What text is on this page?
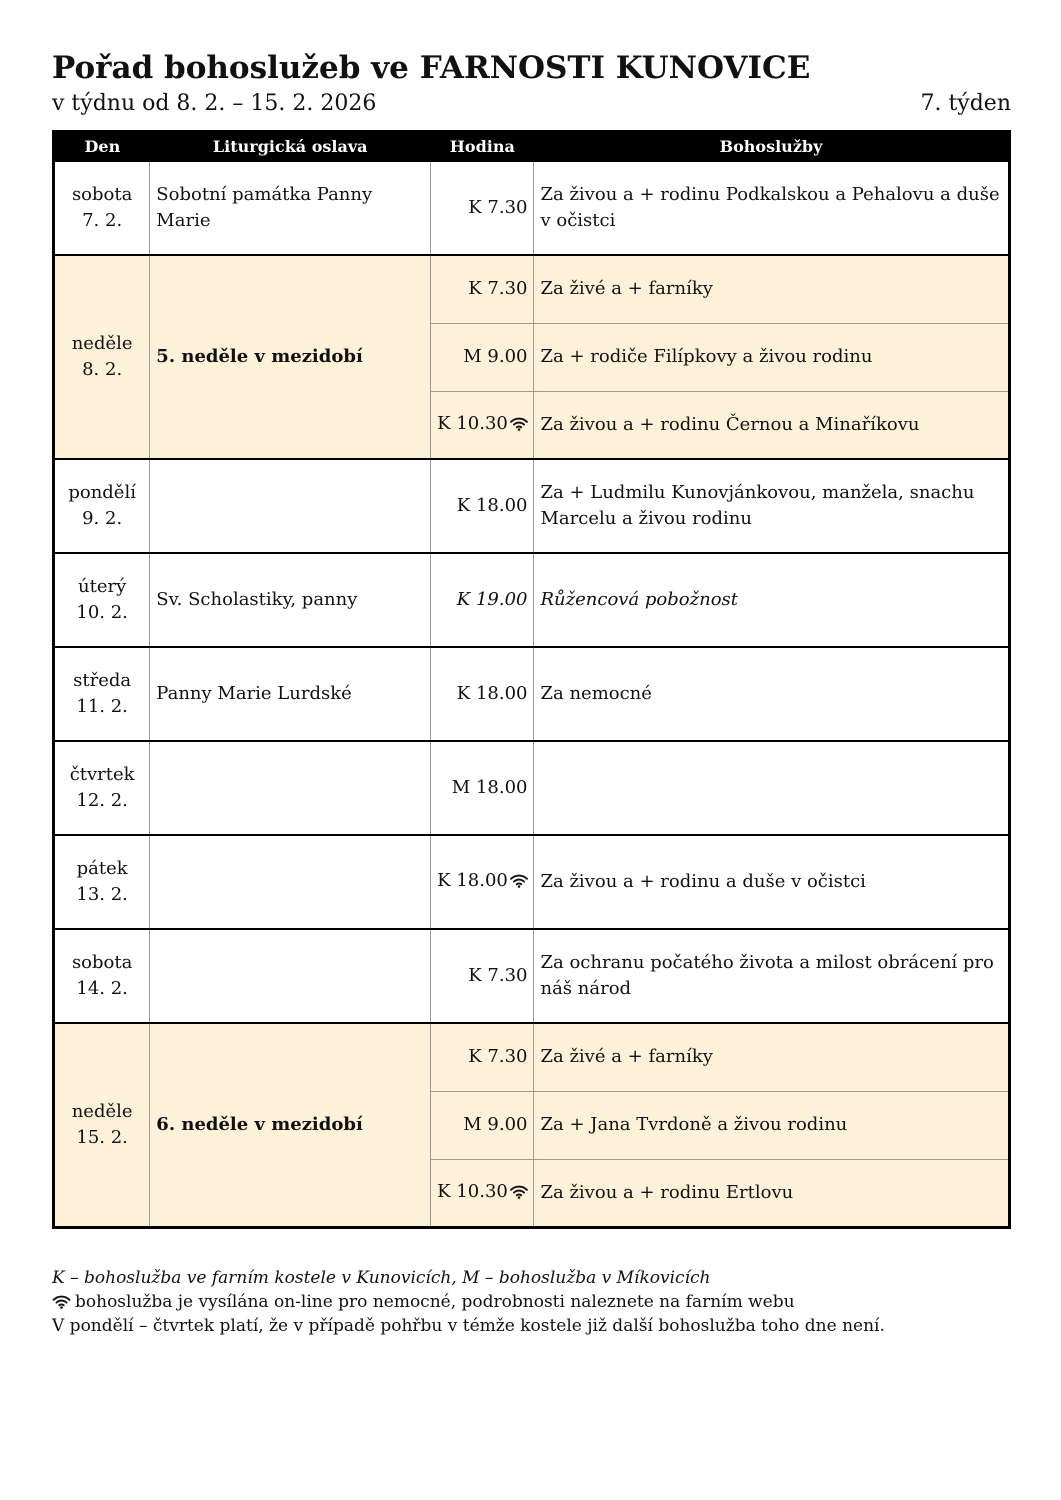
Pořad bohoslužeb ve FARNOSTI KUNOVICE
v týdnu od 8. 2. – 15. 2. 2026	7. týden
Den	Liturgická oslava	Hodina	Bohoslužby

sobota
7. 2.	Sobotní památka Panny Marie	K 7.30	Za živou a + rodinu Podkalskou a Pehalovu a duše v očistci

neděle
8. 2.	5. neděle v mezidobí	K 7.30	Za živé a + farníky
		M 9.00	Za + rodiče Filípkovy a živou rodinu
		K 10.30	Za živou a + rodinu Černou a Minaříkovu

pondělí
9. 2.		K 18.00	Za + Ludmilu Kunovjánkovou, manžela, snachu Marcelu a živou rodinu

úterý
10. 2.	Sv. Scholastiky, panny	K 19.00	Růžencová pobožnost

středa
11. 2.	Panny Marie Lurdské	K 18.00	Za nemocné

čtvrtek
12. 2.		M 18.00	

pátek
13. 2.		K 18.00	Za živou a + rodinu a duše v očistci

sobota
14. 2.		K 7.30	Za ochranu počatého života a milost obrácení pro náš národ

neděle
15. 2.	6. neděle v mezidobí	K 7.30	Za živé a + farníky
		M 9.00	Za + Jana Tvrdoně a živou rodinu
		K 10.30	Za živou a + rodinu Ertlovu
K – bohoslužba ve farním kostele v Kunovicích, M – bohoslužba v Míkovicích
bohoslužba je vysílána on-line pro nemocné, podrobnosti naleznete na farním webu
V pondělí – čtvrtek platí, že v případě pohřbu v témže kostele již další bohoslužba toho dne není.
